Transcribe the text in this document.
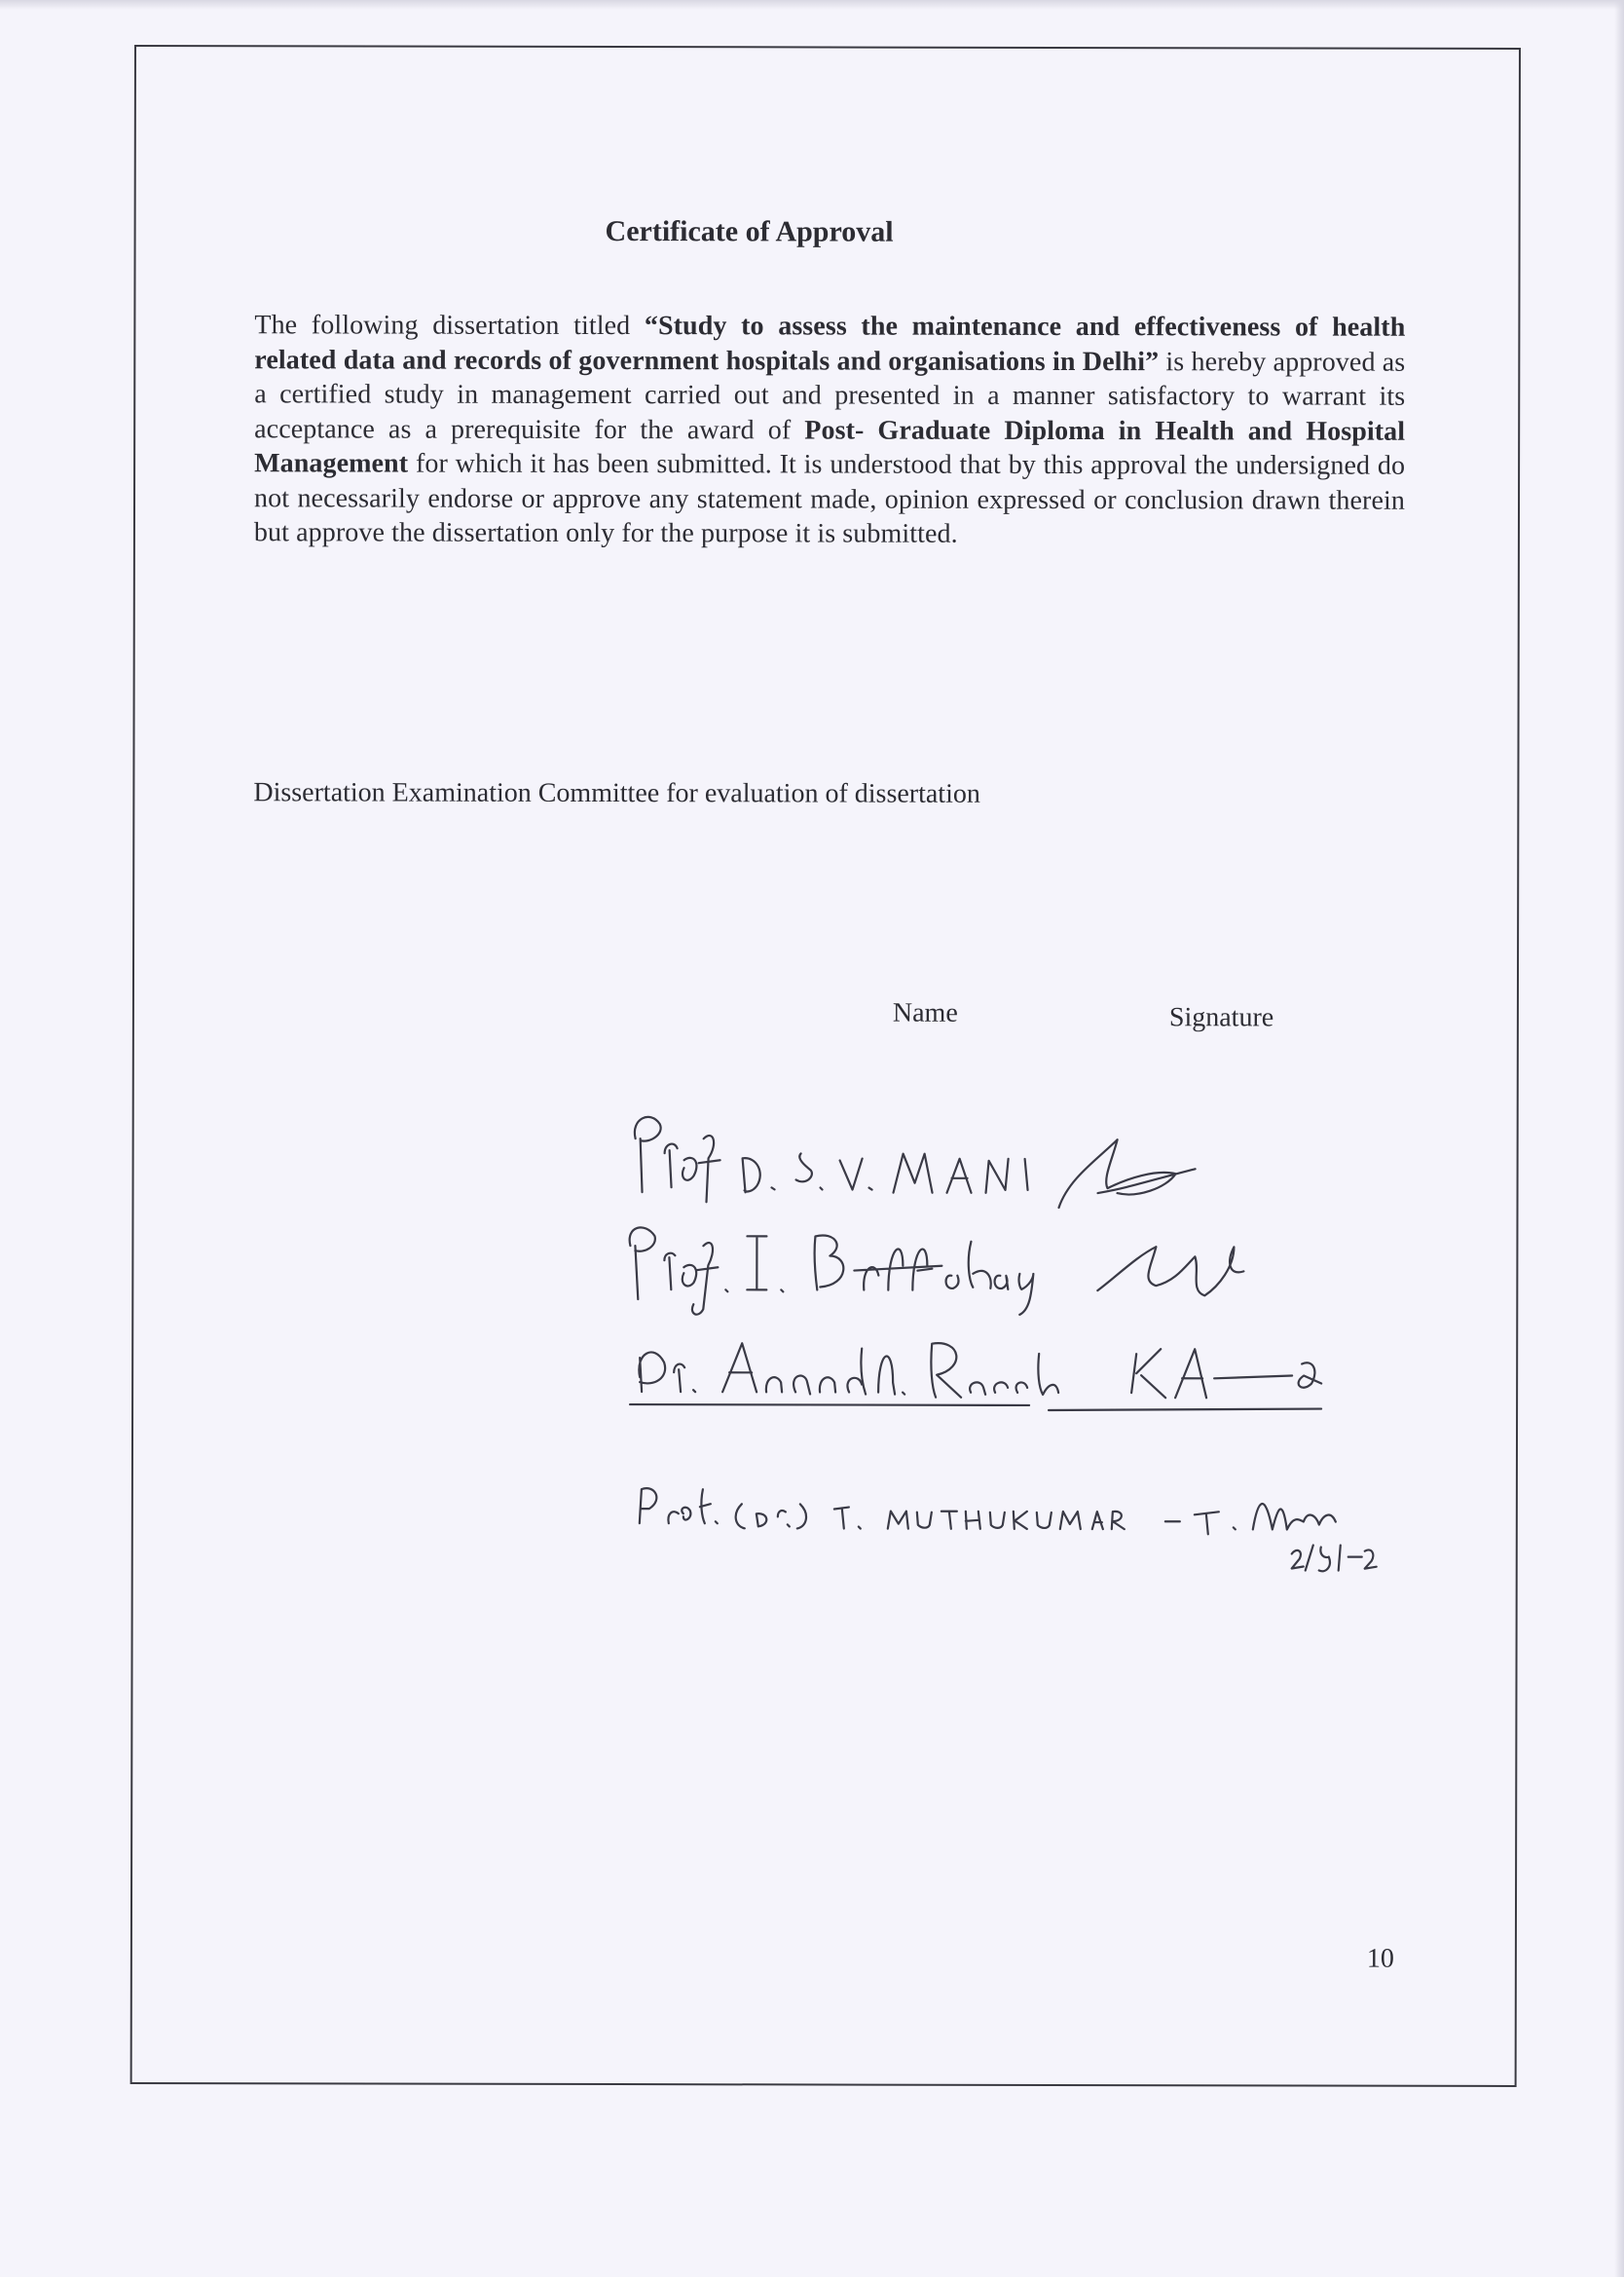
Certificate of Approval
The following dissertation titled “Study to assess the maintenance and effectiveness of health related data and records of government hospitals and organisations in Delhi” is hereby approved as a certified study in management carried out and presented in a manner satisfactory to warrant its acceptance as a prerequisite for the award of Post- Graduate Diploma in Health and Hospital Management for which it has been submitted. It is understood that by this approval the undersigned do not necessarily endorse or approve any statement made, opinion expressed or conclusion drawn therein but approve the dissertation only for the purpose it is submitted.
Dissertation Examination Committee for evaluation of dissertation
Name	Signature
10
